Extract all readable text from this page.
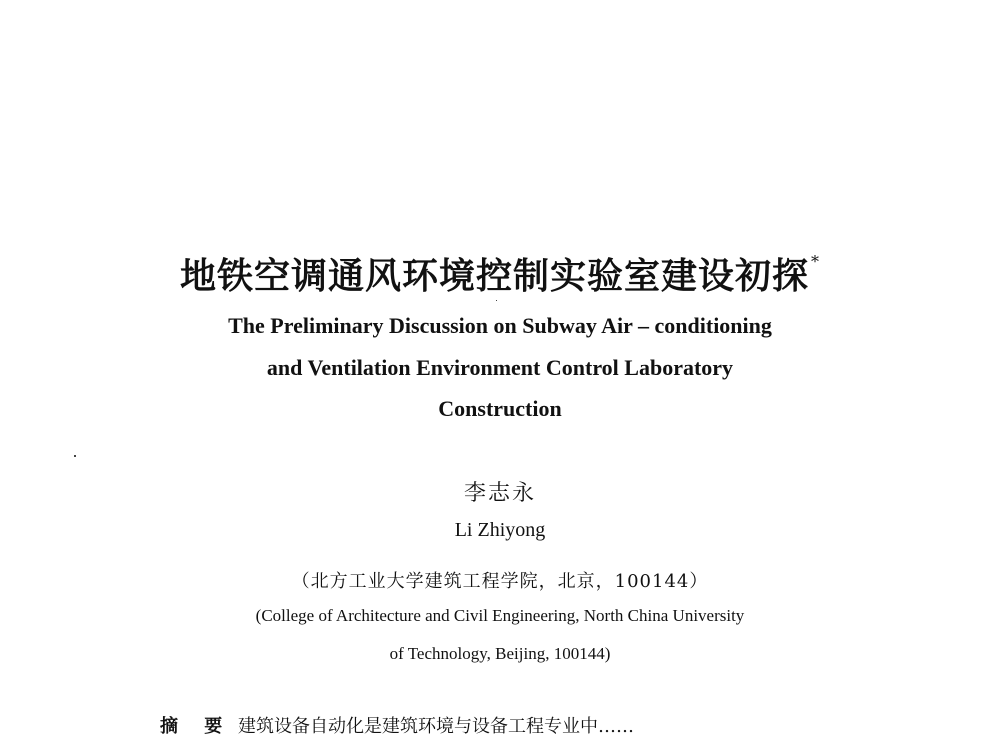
地铁空调通风环境控制实验室建设初探 *
The Preliminary Discussion on Subway Air – conditioning
and Ventilation Environment Control Laboratory
Construction
李志永
Li Zhiyong
（北方工业大学建筑工程学院，北京，100144）
(College of Architecture and Civil Engineering, North China University
of Technology, Beijing, 100144)
摘 要 建筑设备自动化是建筑环境与设备工程专业中……
